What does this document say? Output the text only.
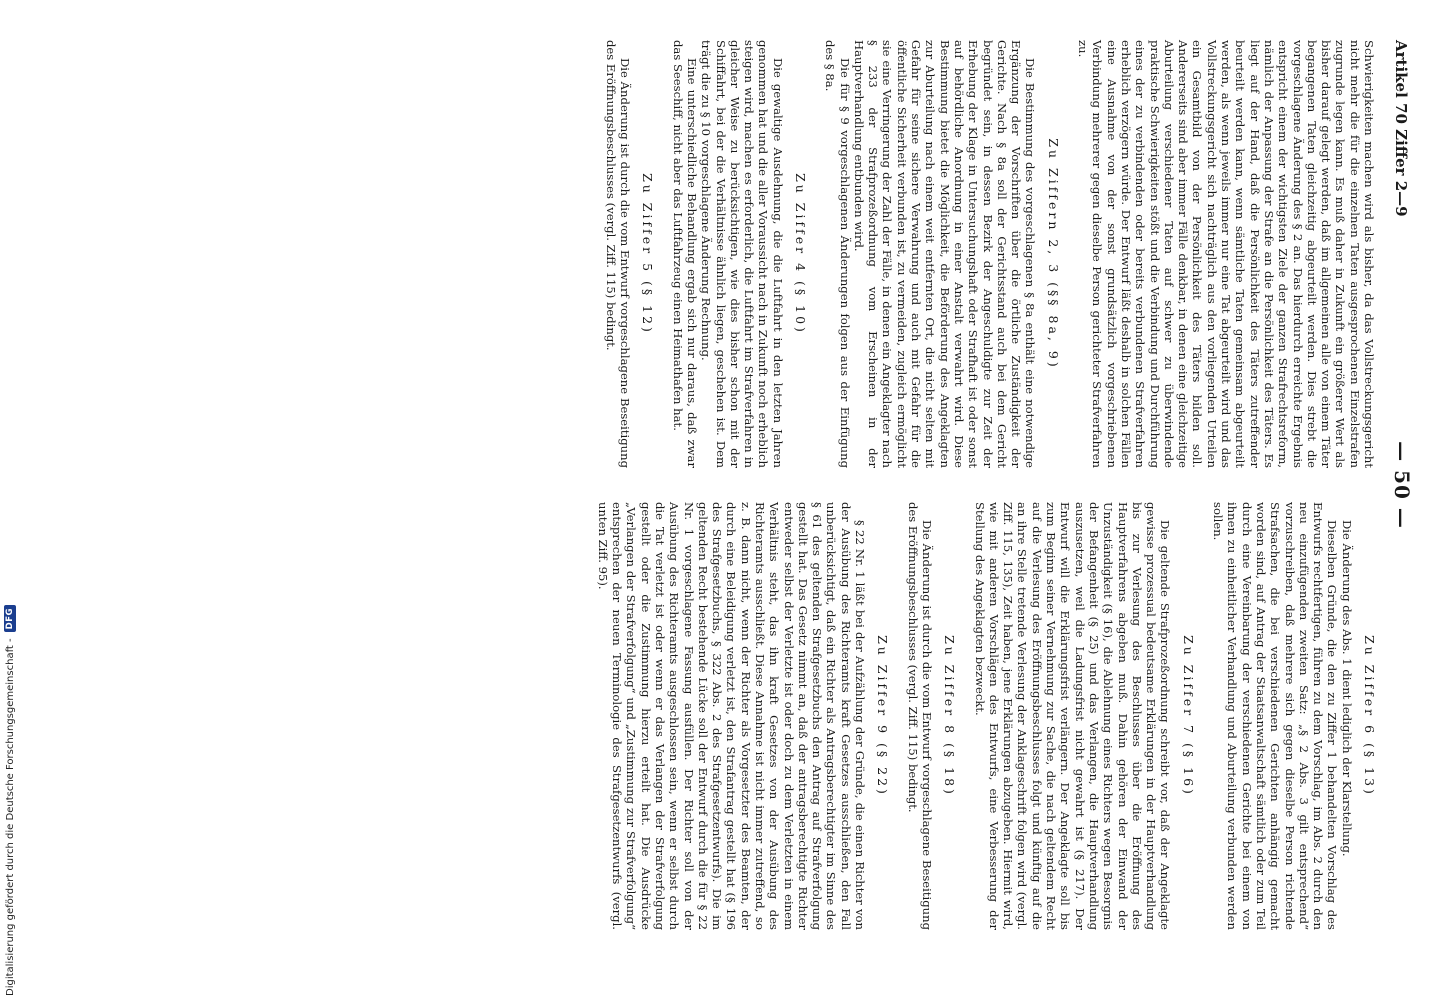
Artikel 70 Ziffer 2—9
— 50 —

Schwierigkeiten machen wird als bisher, da das Vollstreckungsgericht nicht mehr die für die einzelnen Taten ausgesprochenen Einzelstrafen zugrunde legen kann. Es muß daher in Zukunft ein größerer Wert als bisher darauf gelegt werden, daß im allgemeinen alle von einem Täter begangenen Taten gleichzeitig abgeurteilt werden. Dies strebt die vorgeschlagene Änderung des § 2 an. Das hierdurch erreichte Ergebnis entspricht einem der wichtigsten Ziele der ganzen Strafrechtsreform, nämlich der Anpassung der Strafe an die Persönlichkeit des Täters. Es liegt auf der Hand, daß die Persönlichkeit des Täters zutreffender beurteilt werden kann, wenn sämtliche Taten gemeinsam abgeurteilt werden, als wenn jeweils immer nur eine Tat abgeurteilt wird und das Vollstreckungsgericht sich nachträglich aus den vorliegenden Urteilen ein Gesamtbild von der Persönlichkeit des Täters bilden soll. Andererseits sind aber immer Fälle denkbar, in denen eine gleichzeitige Aburteilung verschiedener Taten auf schwer zu überwindende praktische Schwierigkeiten stößt und die Verbindung und Durchführung eines der zu verbindenden oder bereits verbundenen Strafverfahren erheblich verzögern würde. Der Entwurf läßt deshalb in solchen Fällen eine Ausnahme von der sonst grundsätzlich vorgeschriebenen Verbindung mehrerer gegen dieselbe Person gerichteter Strafverfahren zu.

Zu Ziffern 2, 3 (§§ 8a, 9)

Die Bestimmung des vorgeschlagenen § 8a enthält eine notwendige Ergänzung der Vorschriften über die örtliche Zuständigkeit der Gerichte. Nach § 8a soll der Gerichtsstand auch bei dem Gericht begründet sein, in dessen Bezirk der Angeschuldigte zur Zeit der Erhebung der Klage in Untersuchungshaft oder Strafhaft ist oder sonst auf behördliche Anordnung in einer Anstalt verwahrt wird. Diese Bestimmung bietet die Möglichkeit, die Beförderung des Angeklagten zur Aburteilung nach einem weit entfernten Ort, die nicht selten mit Gefahr für seine sichere Verwahrung und auch mit Gefahr für die öffentliche Sicherheit verbunden ist, zu vermeiden, zugleich ermöglicht sie eine Verringerung der Zahl der Fälle, in denen ein Angeklagter nach § 233 der Strafprozeßordnung vom Erscheinen in der Hauptverhandlung entbunden wird.

Die für § 9 vorgeschlagenen Änderungen folgen aus der Einfügung des § 8a.

Zu Ziffer 4 (§ 10)

Die gewaltige Ausdehnung, die die Luftfahrt in den letzten Jahren genommen hat und die aller Voraussicht nach in Zukunft noch erheblich steigen wird, machen es erforderlich, die Luftfahrt im Strafverfahren in gleicher Weise zu berücksichtigen, wie dies bisher schon mit der Schiffahrt, bei der die Verhältnisse ähnlich liegen, geschehen ist. Dem trägt die zu § 10 vorgeschlagene Änderung Rechnung.

Eine unterschiedliche Behandlung ergab sich nur daraus, daß zwar das Seeschiff, nicht aber das Luftfahrzeug einen Heimathafen hat.

Zu Ziffer 5 (§ 12)

Die Änderung ist durch die vom Entwurf vorgeschlagene Beseitigung des Eröffnungsbeschlusses (vergl. Ziff. 115) bedingt.

Zu Ziffer 6 (§ 13)

Die Änderung des Abs. 1 dient lediglich der Klarstellung.

Dieselben Gründe, die den zu Ziffer 1 behandelten Vorschlag des Entwurfs rechtfertigen, führen zu dem Vorschlag, im Abs. 2 durch den neu einzufügenden zweiten Satz: „§ 2 Abs. 3 gilt entsprechend“ vorzuschreiben, daß mehrere sich gegen dieselbe Person richtende Strafsachen, die bei verschiedenen Gerichten anhängig gemacht worden sind, auf Antrag der Staatsanwaltschaft sämtlich oder zum Teil durch eine Vereinbarung der verschiedenen Gerichte bei einem von ihnen zu einheitlicher Verhandlung und Aburteilung verbunden werden sollen.

Zu Ziffer 7 (§ 16)

Die geltende Strafprozeßordnung schreibt vor, daß der Angeklagte gewisse prozessual bedeutsame Erklärungen in der Hauptverhandlung bis zur Verlesung des Beschlusses über die Eröffnung des Hauptverfahrens abgeben muß. Dahin gehören der Einwand der Unzuständigkeit (§ 16), die Ablehnung eines Richters wegen Besorgnis der Befangenheit (§ 25) und das Verlangen, die Hauptverhandlung auszusetzen, weil die Ladungsfrist nicht gewahrt ist (§ 217). Der Entwurf will die Erklärungsfrist verlängern. Der Angeklagte soll bis zum Beginn seiner Vernehmung zur Sache, die nach geltendem Recht auf die Verlesung des Eröffnungsbeschlusses folgt und künftig auf die an ihre Stelle tretende Verlesung der Anklageschrift folgen wird (vergl. Ziff. 115, 135), Zeit haben, jene Erklärungen abzugeben. Hiermit wird, wie mit anderen Vorschlägen des Entwurfs, eine Verbesserung der Stellung des Angeklagten bezweckt.

Zu Ziffer 8 (§ 18)

Die Änderung ist durch die vom Entwurf vorgeschlagene Beseitigung des Eröffnungsbeschlusses (vergl. Ziff. 115) bedingt.

Zu Ziffer 9 (§ 22)

§ 22 Nr. 1 läßt bei der Aufzählung der Gründe, die einen Richter von der Ausübung des Richteramts kraft Gesetzes ausschließen, den Fall unberücksichtigt, daß ein Richter als Antragsberechtigter im Sinne des § 61 des geltenden Strafgesetzbuchs den Antrag auf Strafverfolgung gestellt hat. Das Gesetz nimmt an, daß der antragsberechtigte Richter entweder selbst der Verletzte ist oder doch zu dem Verletzten in einem Verhältnis steht, das ihn kraft Gesetzes von der Ausübung des Richteramts ausschließt. Diese Annahme ist nicht immer zutreffend, so z. B. dann nicht, wenn der Richter als Vorgesetzter des Beamten, der durch eine Beleidigung verletzt ist, den Strafantrag gestellt hat (§ 196 des Strafgesetzbuchs, § 322 Abs. 2 des Strafgesetzentwurfs). Die im geltenden Recht bestehende Lücke soll der Entwurf durch die für § 22 Nr. 1 vorgeschlagene Fassung ausfüllen. Der Richter soll von der Ausübung des Richteramts ausgeschlossen sein, wenn er selbst durch die Tat verletzt ist oder wenn er das Verlangen der Strafverfolgung gestellt oder die Zustimmung hierzu erteilt hat. Die Ausdrücke „Verlangen der Strafverfolgung“ und „Zustimmung zur Strafverfolgung“ entsprechen der neuen Terminologie des Strafgesetzentwurfs (vergl. unten Ziff. 95).

Digitalisierung gefördert durch die Deutsche Forschungsgemeinschaft -
DFG
